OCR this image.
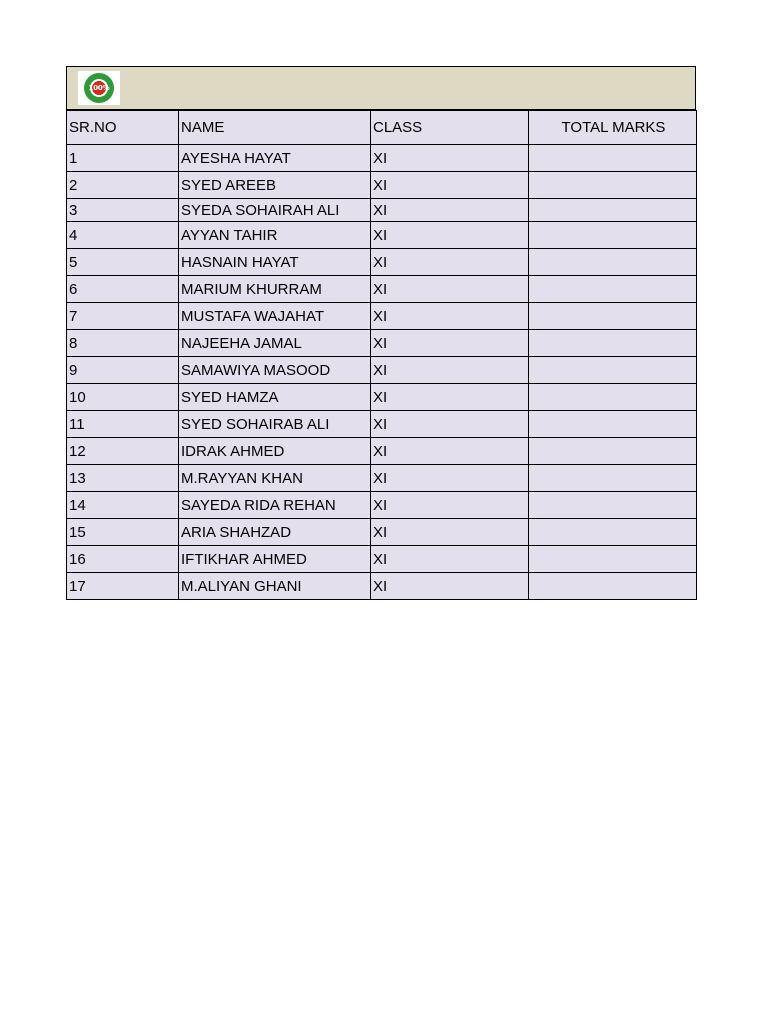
100%
SR.NO	NAME	CLASS	TOTAL MARKS
1	AYESHA HAYAT	XI	
2	SYED AREEB	XI	
3	SYEDA SOHAIRAH ALI	XI	
4	AYYAN TAHIR	XI	
5	HASNAIN HAYAT	XI	
6	MARIUM KHURRAM	XI	
7	MUSTAFA WAJAHAT	XI	
8	NAJEEHA JAMAL	XI	
9	SAMAWIYA MASOOD	XI	
10	SYED HAMZA	XI	
11	SYED SOHAIRAB ALI	XI	
12	IDRAK AHMED	XI	
13	M.RAYYAN KHAN	XI	
14	SAYEDA RIDA REHAN	XI	
15	ARIA SHAHZAD	XI	
16	IFTIKHAR AHMED	XI	
17	M.ALIYAN GHANI	XI	
